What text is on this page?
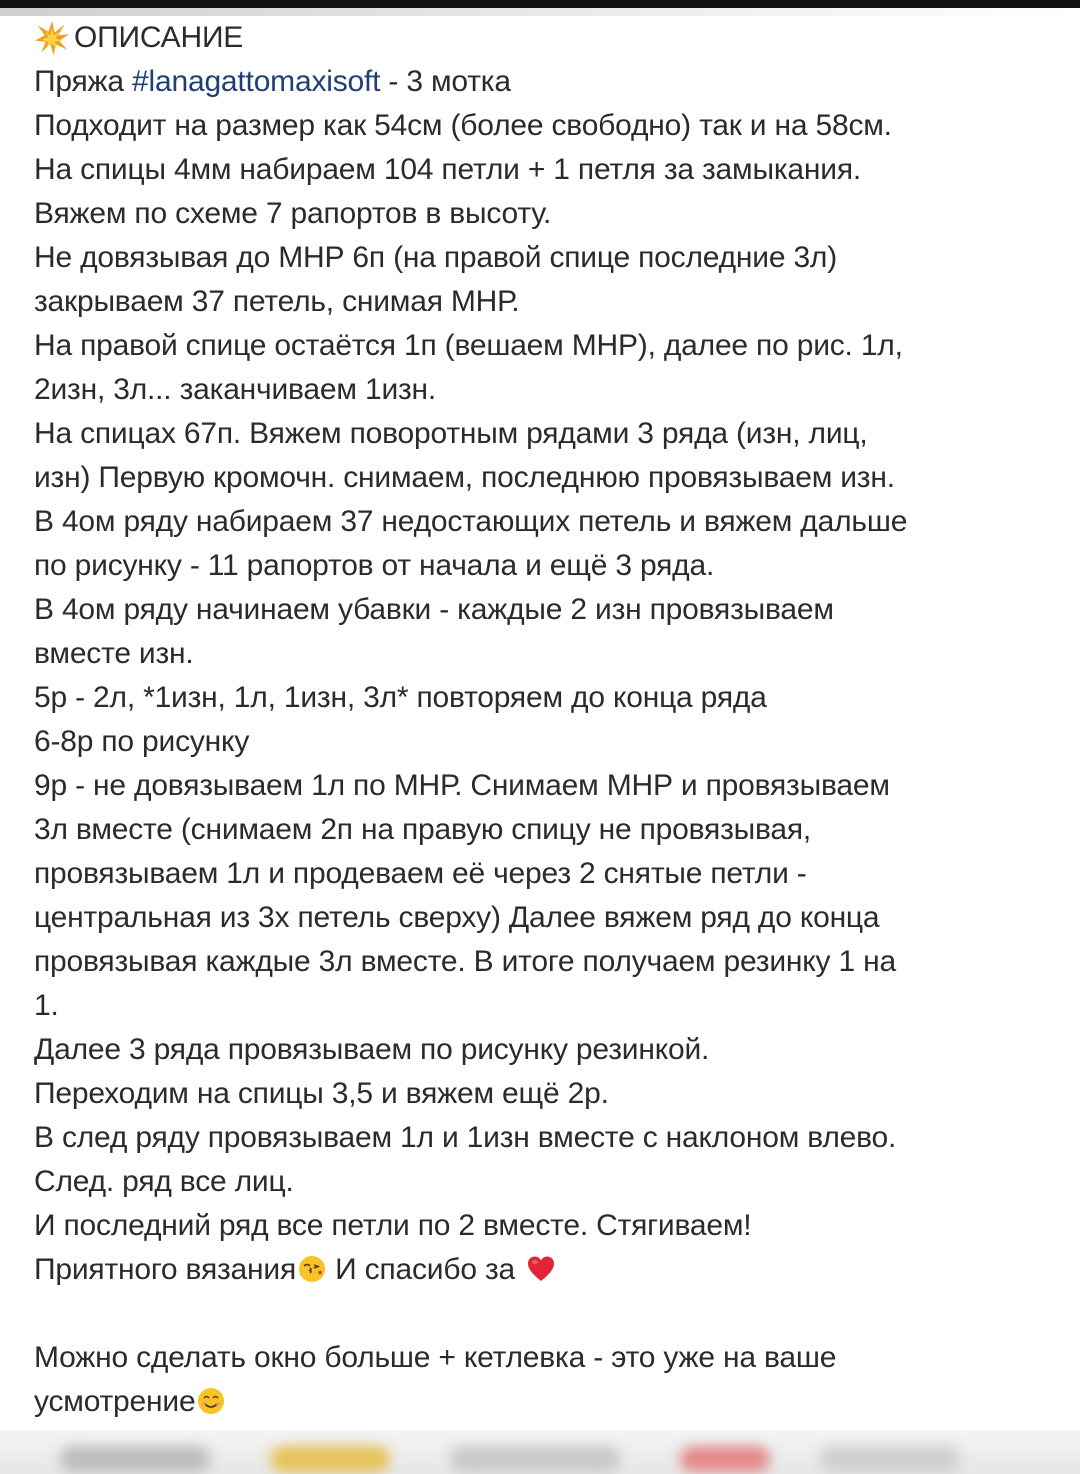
ОПИСАНИЕ
Пряжа #lanagattomaxisoft - 3 мотка
Подходит на размер как 54см (более свободно) так и на 58см.
На спицы 4мм набираем 104 петли + 1 петля за замыкания.
Вяжем по схеме 7 рапортов в высоту.
Не довязывая до МНР 6п (на правой спице последние 3л)
закрываем 37 петель, снимая МНР.
На правой спице остаётся 1п (вешаем МНР), далее по рис. 1л,
2изн, 3л... заканчиваем 1изн.
На спицах 67п. Вяжем поворотным рядами 3 ряда (изн, лиц,
изн) Первую кромочн. снимаем, последнюю провязываем изн.
В 4ом ряду набираем 37 недостающих петель и вяжем дальше
по рисунку - 11 рапортов от начала и ещё 3 ряда.
В 4ом ряду начинаем убавки - каждые 2 изн провязываем
вместе изн.
5р - 2л, *1изн, 1л, 1изн, 3л* повторяем до конца ряда
6-8р по рисунку
9р - не довязываем 1л по МНР. Снимаем МНР и провязываем
3л вместе (снимаем 2п на правую спицу не провязывая,
провязываем 1л и продеваем её через 2 снятые петли -
центральная из 3х петель сверху) Далее вяжем ряд до конца
провязывая каждые 3л вместе. В итоге получаем резинку 1 на
1.
Далее 3 ряда провязываем по рисунку резинкой.
Переходим на спицы 3,5 и вяжем ещё 2р.
В след ряду провязываем 1л и 1изн вместе с наклоном влево.
След. ряд все лиц.
И последний ряд все петли по 2 вместе. Стягиваем!
Приятного вязания И спасибо за
Можно сделать окно больше + кетлевка - это уже на ваше
усмотрение
